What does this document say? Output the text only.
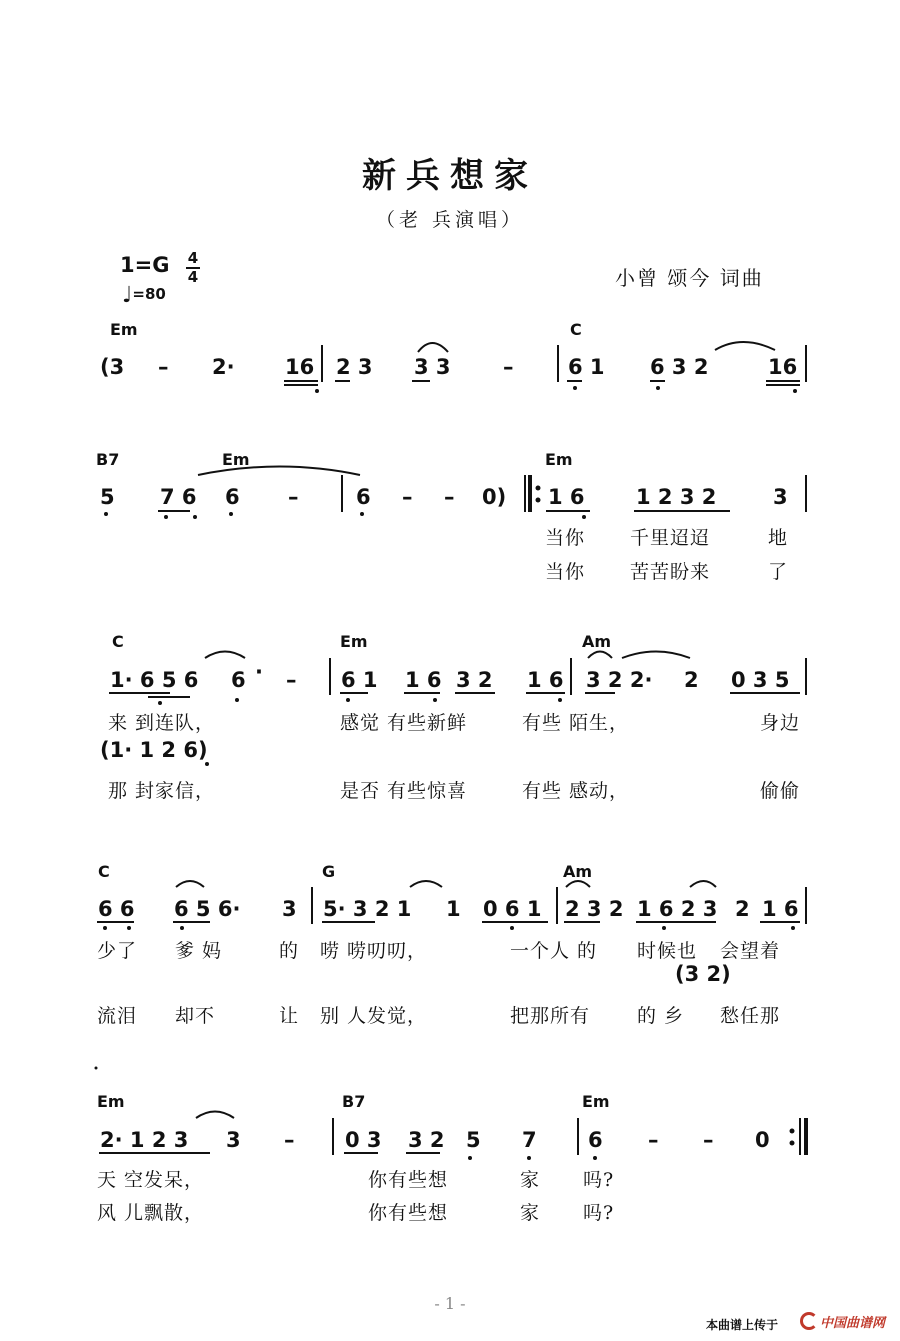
新兵想家
（老 兵演唱）
1=G 4
4
♩=80
小曾 颂今 词曲
Em	C
(3 – 2· 16 2 3 3 3 –	6 1 6 3 2	16
B7	Em	Em
5 7 6 6 –	6 – – 0) 1 6 1 2 3 2	3
当你 千里迢迢	地
当你 苦苦盼来	了
C	Em	Am
1· 6 5 6 6 · – 6 1 1 6 3 2 1 6 3 2 2· 2 0 3 5
来 到连队，	感觉 有些新鲜	有些 陌生，	身边
(1· 1 2 6)
那 封家信，	是否 有些惊喜	有些 感动，	偷偷
C	G	Am
6 6 6 5 6· 3 5· 3 2 1 1 0 6 1 2 3 2 1 6 2 3 2 1 6
少了 爹 妈	的 唠 唠叨叨，	一个人 的 时候也 会望着
(3 2)
流泪 却不	让 别 人发觉，	把那所有 的 乡 愁任那
Em	B7	Em
2· 1 2 3 3 – 0 3 3 2 5 7 6 – – 0
天 空发呆，	你有些想	家 吗?
风 儿飘散，	你有些想	家 吗?
- 1 -
本曲谱上传于	中国曲谱网
